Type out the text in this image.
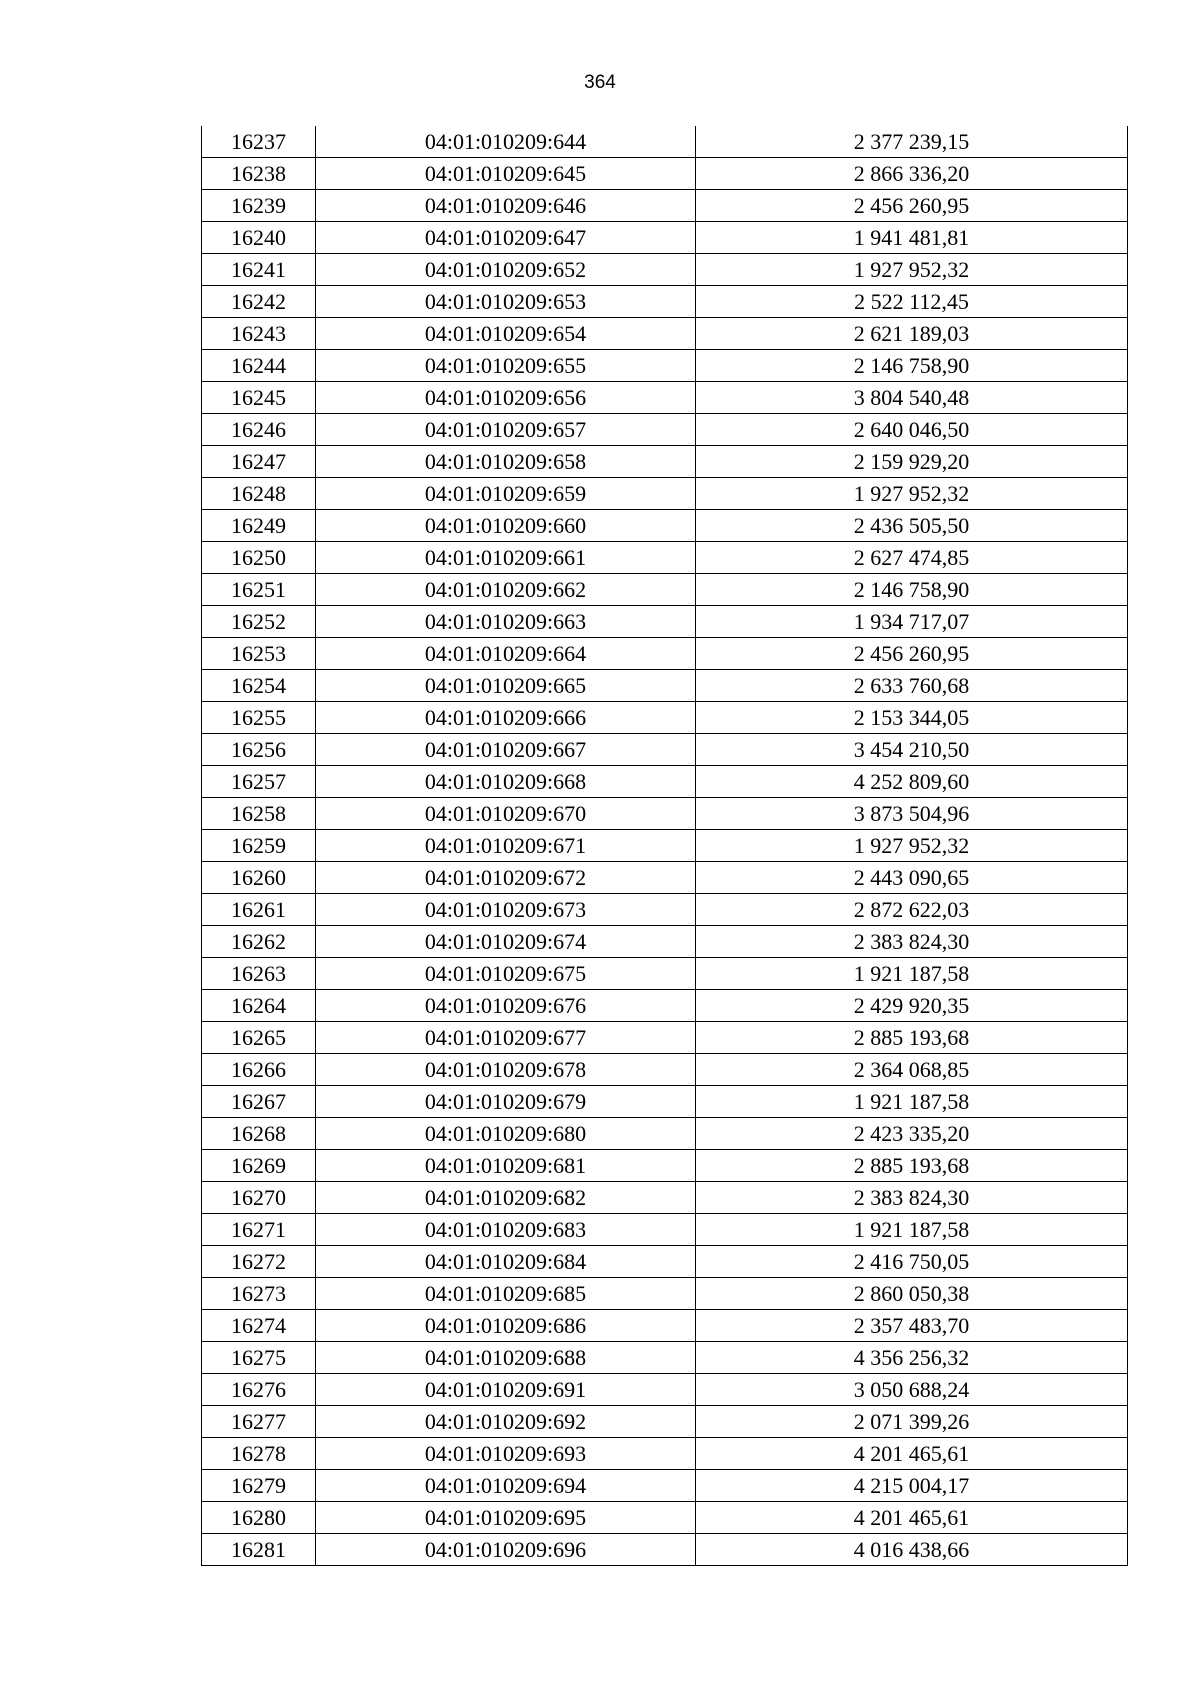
364
16237	04:01:010209:644	2 377 239,15
16238	04:01:010209:645	2 866 336,20
16239	04:01:010209:646	2 456 260,95
16240	04:01:010209:647	1 941 481,81
16241	04:01:010209:652	1 927 952,32
16242	04:01:010209:653	2 522 112,45
16243	04:01:010209:654	2 621 189,03
16244	04:01:010209:655	2 146 758,90
16245	04:01:010209:656	3 804 540,48
16246	04:01:010209:657	2 640 046,50
16247	04:01:010209:658	2 159 929,20
16248	04:01:010209:659	1 927 952,32
16249	04:01:010209:660	2 436 505,50
16250	04:01:010209:661	2 627 474,85
16251	04:01:010209:662	2 146 758,90
16252	04:01:010209:663	1 934 717,07
16253	04:01:010209:664	2 456 260,95
16254	04:01:010209:665	2 633 760,68
16255	04:01:010209:666	2 153 344,05
16256	04:01:010209:667	3 454 210,50
16257	04:01:010209:668	4 252 809,60
16258	04:01:010209:670	3 873 504,96
16259	04:01:010209:671	1 927 952,32
16260	04:01:010209:672	2 443 090,65
16261	04:01:010209:673	2 872 622,03
16262	04:01:010209:674	2 383 824,30
16263	04:01:010209:675	1 921 187,58
16264	04:01:010209:676	2 429 920,35
16265	04:01:010209:677	2 885 193,68
16266	04:01:010209:678	2 364 068,85
16267	04:01:010209:679	1 921 187,58
16268	04:01:010209:680	2 423 335,20
16269	04:01:010209:681	2 885 193,68
16270	04:01:010209:682	2 383 824,30
16271	04:01:010209:683	1 921 187,58
16272	04:01:010209:684	2 416 750,05
16273	04:01:010209:685	2 860 050,38
16274	04:01:010209:686	2 357 483,70
16275	04:01:010209:688	4 356 256,32
16276	04:01:010209:691	3 050 688,24
16277	04:01:010209:692	2 071 399,26
16278	04:01:010209:693	4 201 465,61
16279	04:01:010209:694	4 215 004,17
16280	04:01:010209:695	4 201 465,61
16281	04:01:010209:696	4 016 438,66
